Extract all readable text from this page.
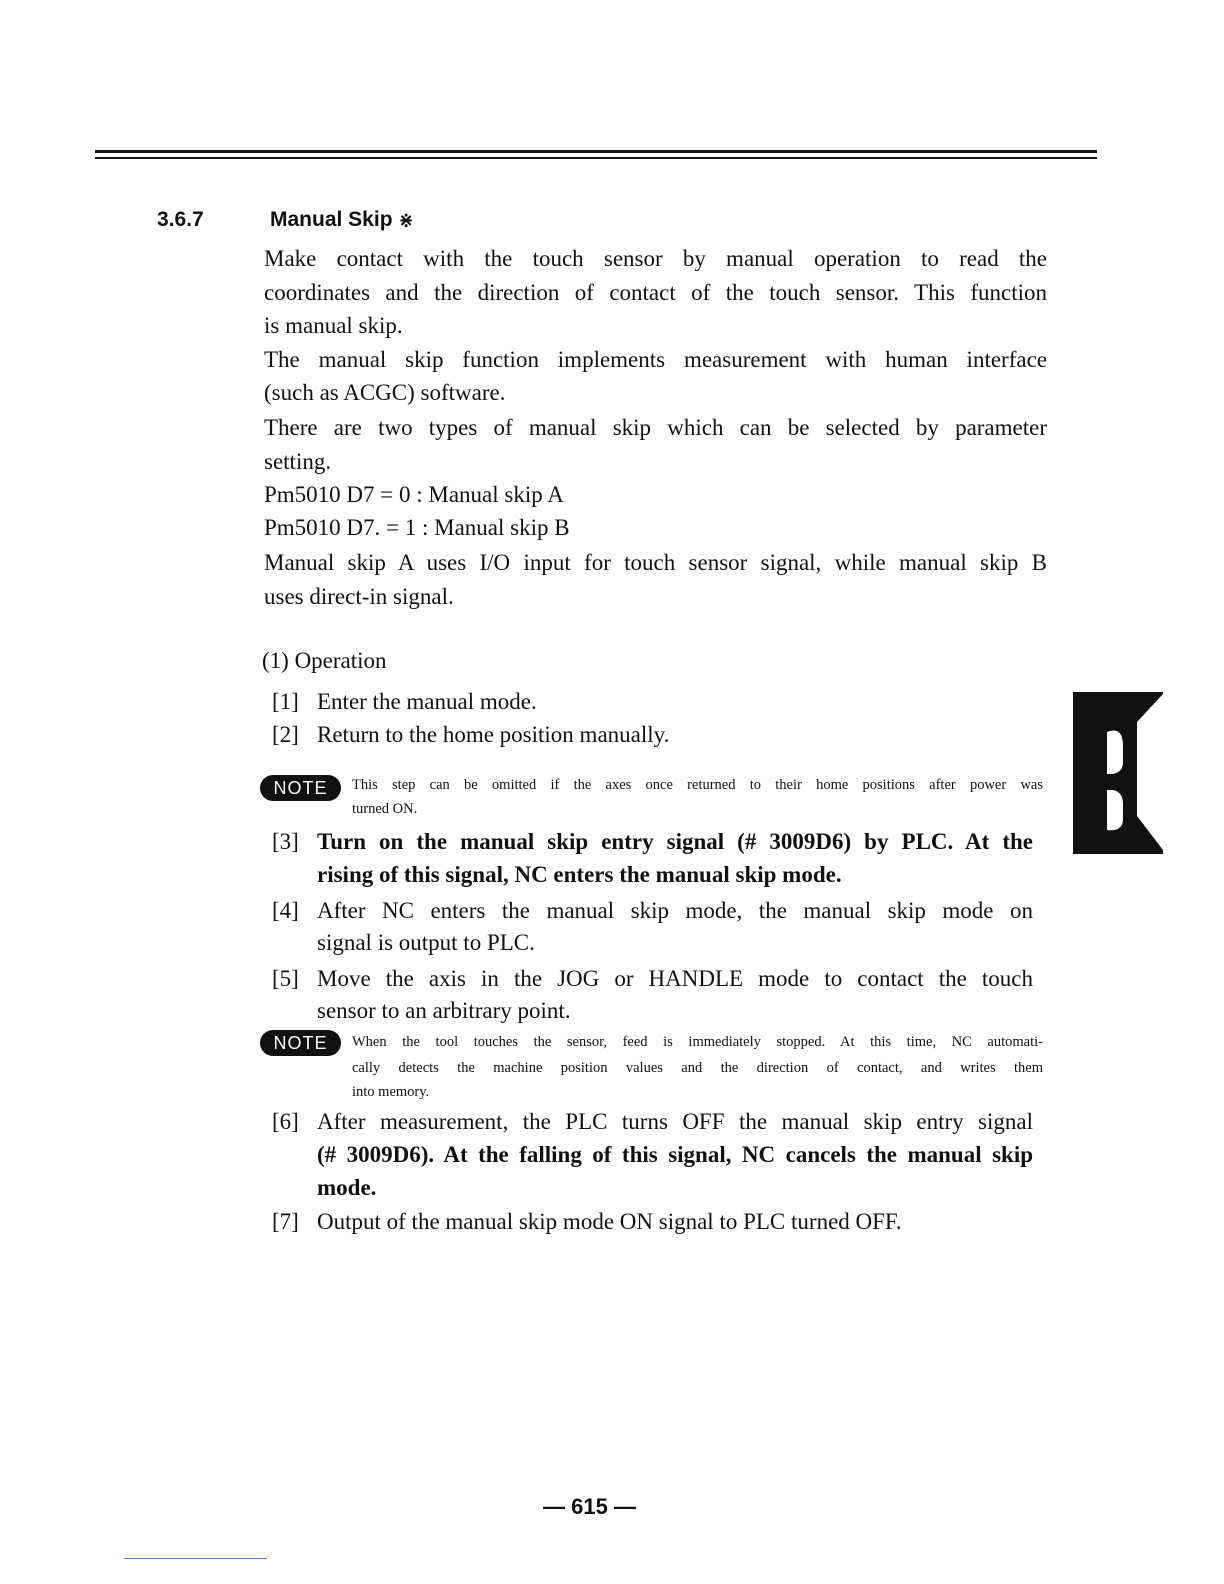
3.6.7	Manual Skip ⋇
Make contact with the touch sensor by manual operation to read the
coordinates and the direction of contact of the touch sensor. This function
is manual skip.
The manual skip function implements measurement with human interface
(such as ACGC) software.
There are two types of manual skip which can be selected by parameter
setting.
Pm5010 D7 = 0 : Manual skip A
Pm5010 D7. = 1 : Manual skip B
Manual skip A uses I/O input for touch sensor signal, while manual skip B
uses direct-in signal.
(1) Operation
[1] Enter the manual mode.
[2] Return to the home position manually.
NOTE	This step can be omitted if the axes once returned to their home positions after power was
turned ON.
[3] Turn on the manual skip entry signal (# 3009D6) by PLC. At the
rising of this signal, NC enters the manual skip mode.
[4] After NC enters the manual skip mode, the manual skip mode on
signal is output to PLC.
[5] Move the axis in the JOG or HANDLE mode to contact the touch
sensor to an arbitrary point.
NOTE	When the tool touches the sensor, feed is immediately stopped. At this time, NC automati-
cally detects the machine position values and the direction of contact, and writes them
into memory.
[6] After measurement, the PLC turns OFF the manual skip entry signal
(# 3009D6). At the falling of this signal, NC cancels the manual skip
mode.
[7] Output of the manual skip mode ON signal to PLC turned OFF.
— 615 —
